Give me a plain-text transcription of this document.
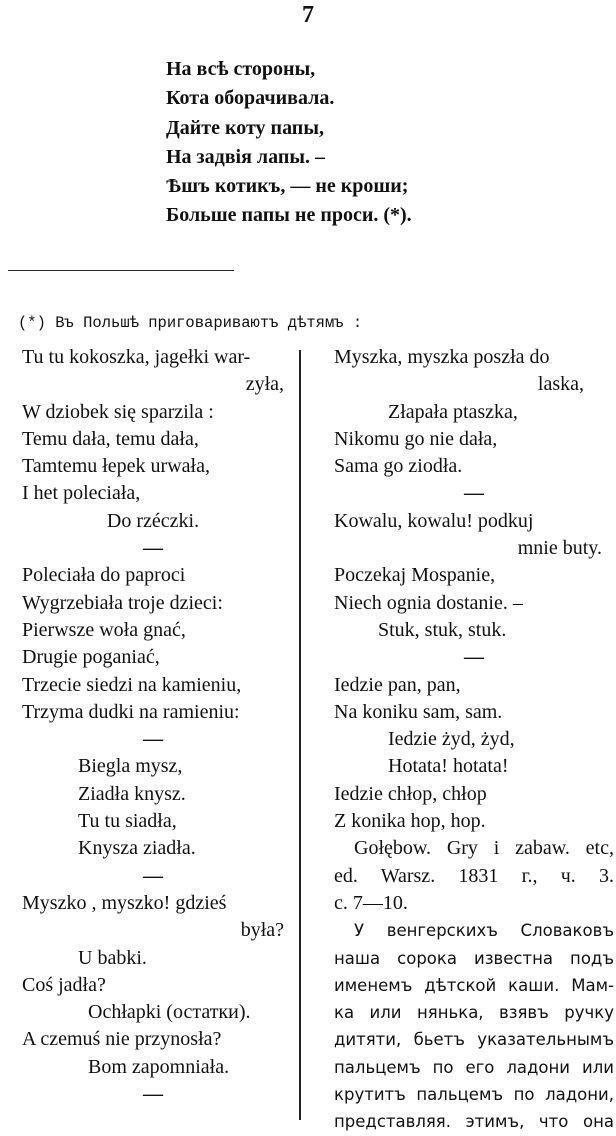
7
На всѣ стороны,
Кота оборачивала.
Дайте коту папы,
На задвія лапы. –
Ѣшъ котикъ, — не кроши;
Больше папы не проси. (*).
(*) Въ Польшѣ приговариваютъ дѣтямъ :
Tu tu kokoszka, jagełki war-
zyła,
W dziobek się sparzila :
Temu dała, temu dała,
Tamtemu łepek urwała,
I het poleciała,
Do rzéczki.
—
Poleciała do paproci
Wygrzebiała troje dzieci:
Pierwsze woła gnać,
Drugie poganiać,
Trzecie siedzi na kamieniu,
Trzyma dudki na ramieniu:
—
Biegla mysz,
Ziadła knysz.
Tu tu siadła,
Knysza ziadła.
—
Myszko , myszko! gdzieś
była?
U babki.
Coś jadła?
Ochłapki (остатки).
A czemuś nie przynosła?
Bom zapomniała.
—
Myszka, myszka poszła do
laska,
Złapała ptaszka,
Nikomu go nie dała,
Sama go ziodła.
—
Kowalu, kowalu! podkuj
mnie buty.
Poczekaj Mospanie,
Niech ognia dostanie. –
Stuk, stuk, stuk.
—
Iedzie pan, pan,
Na koniku sam, sam.
Iedzie żyd, żyd,
Hotata! hotata!
Iedzie chłop, chłop
Z konika hop, hop.
Gołębow. Gry i zabaw. etc,
ed. Warsz. 1831 г., ч. 3.
с. 7—10.
У венгерскихъ Словаковъ
наша сорока известна подъ
именемъ дѣтской каши. Мам-
ка или нянька, взявъ ручку
дитяти, бьетъ указательнымъ
пальцемъ по его ладони или
крутитъ пальцемъ по ладони,
представляя. этимъ, что она
